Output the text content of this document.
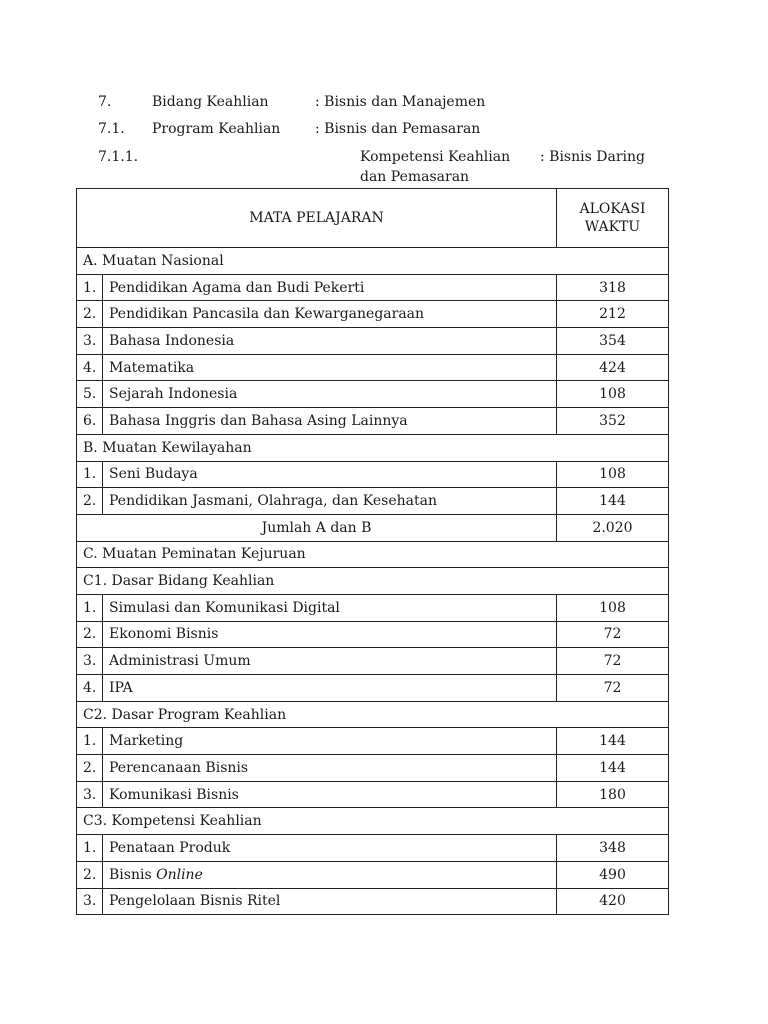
7.	Bidang Keahlian	: Bisnis dan Manajemen
7.1. Program Keahlian : Bisnis dan Pemasaran
7.1.1.	Kompetensi Keahlian : Bisnis Daring
dan Pemasaran
MATA PELAJARAN		ALOKASI
WAKTU

A. Muatan Nasional		
1.	Pendidikan Agama dan Budi Pekerti	318
2.	Pendidikan Pancasila dan Kewarganegaraan	212
3.	Bahasa Indonesia	354
4.	Matematika	424
5.	Sejarah Indonesia	108
6.	Bahasa Inggris dan Bahasa Asing Lainnya	352
B. Muatan Kewilayahan		
1.	Seni Budaya	108
2.	Pendidikan Jasmani, Olahraga, dan Kesehatan	144
Jumlah A dan B		2.020
C. Muatan Peminatan Kejuruan		
C1. Dasar Bidang Keahlian		
1.	Simulasi dan Komunikasi Digital	108
2.	Ekonomi Bisnis	72
3.	Administrasi Umum	72
4.	IPA	72
C2. Dasar Program Keahlian		
1.	Marketing	144
2.	Perencanaan Bisnis	144
3.	Komunikasi Bisnis	180
C3. Kompetensi Keahlian		
1.	Penataan Produk	348
2.	Bisnis Online	490
3.	Pengelolaan Bisnis Ritel	420
